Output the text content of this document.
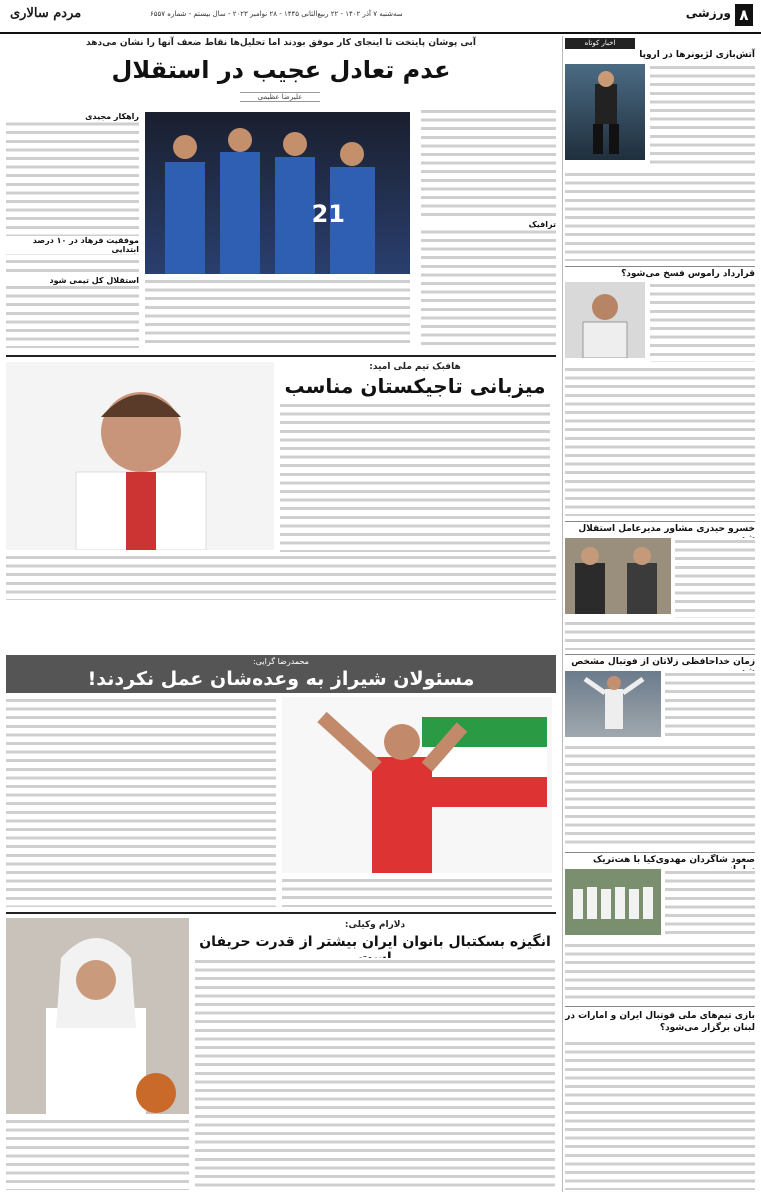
مردم سالاری	سه‌شنبه ۷ آذر ۱۴۰۲ - ۲۲ ربیع‌الثانی ۱۴۴۵ - ۲۸ نوامبر ۲۰۲۳ - سال بیستم - شماره ۶۵۵۷	ورزشی ۸
اخبار کوتاه
آتش‌بازی لژیونرها در اروپا
قرارداد راموس فسخ می‌شود؟
خسرو حیدری مشاور مدیرعامل استقلال
زمان خداحافظی زلاتان از فوتبال مشخص
صعود شاگردان مهدوی‌کیا با هت‌تریک
بازی تیم‌های ملی فوتبال ایران و امارات در لبنان برگزار می‌شود؟
آبی پوشان پایتخت تا اینجای کار موفق بودند اما تحلیل‌ها نقاط ضعف آنها را نشان می‌دهد
عدم تعادل عجیب در استقلال
علیرضا عظیمی
ترافیک
21
راهکار مجیدی
موفقیت فرهاد در ۱۰ درصد ابتدایی
استقلال کل تیمی شود
هافبک تیم ملی امید:
میزبانی تاجیکستان مناسب
محمدرضا گرایی:
مسئولان شیراز به وعده‌شان عمل نکردند!
دلارام وکیلی:
انگیزه بسکتبال بانوان ایران بیشتر از قدرت حریفان
